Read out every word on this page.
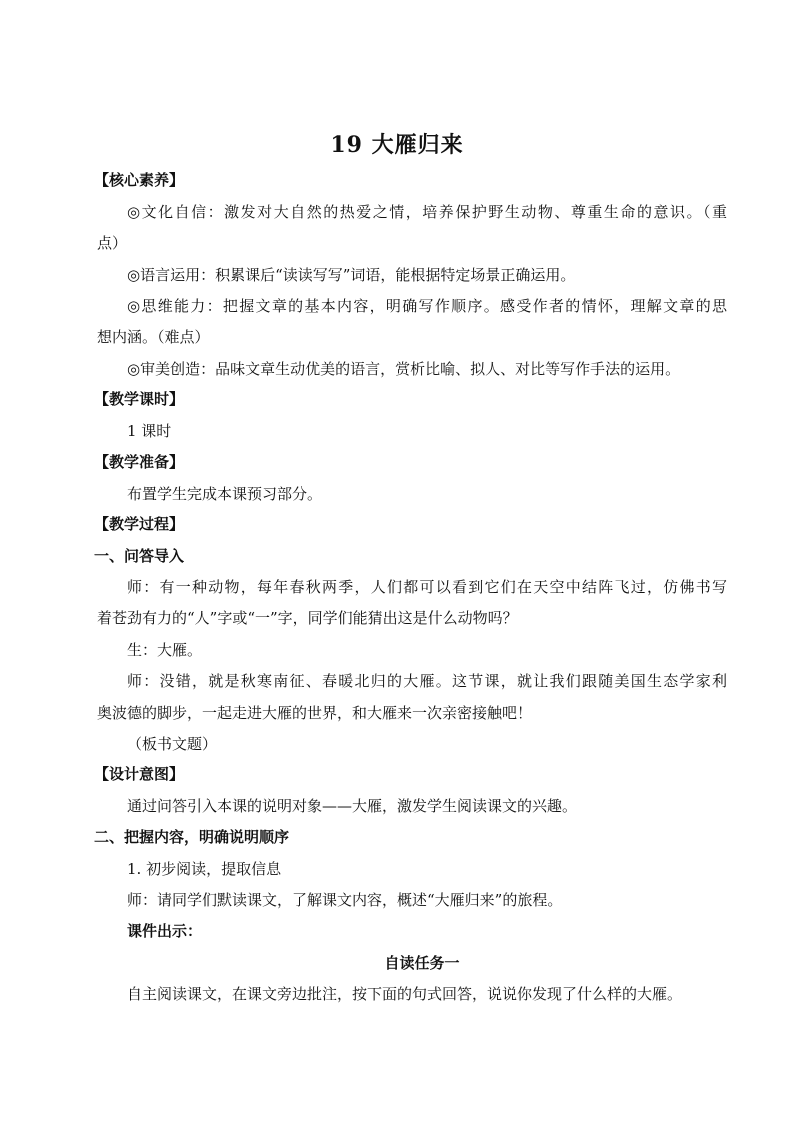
19 大雁归来
【核心素养】
◎文化自信：激发对大自然的热爱之情，培养保护野生动物、尊重生命的意识。（重
点）
◎语言运用：积累课后“读读写写”词语，能根据特定场景正确运用。
◎思维能力：把握文章的基本内容，明确写作顺序。感受作者的情怀，理解文章的思
想内涵。（难点）
◎审美创造：品味文章生动优美的语言，赏析比喻、拟人、对比等写作手法的运用。
【教学课时】
1 课时
【教学准备】
布置学生完成本课预习部分。
【教学过程】
一、问答导入
师：有一种动物，每年春秋两季，人们都可以看到它们在天空中结阵飞过，仿佛书写
着苍劲有力的“人”字或“一”字，同学们能猜出这是什么动物吗？
生：大雁。
师：没错，就是秋寒南征、春暖北归的大雁。这节课，就让我们跟随美国生态学家利
奥波德的脚步，一起走进大雁的世界，和大雁来一次亲密接触吧！
（板书文题）
【设计意图】
通过问答引入本课的说明对象——大雁，激发学生阅读课文的兴趣。
二、把握内容，明确说明顺序
1. 初步阅读，提取信息
师：请同学们默读课文，了解课文内容，概述“大雁归来”的旅程。
课件出示：
自读任务一
自主阅读课文，在课文旁边批注，按下面的句式回答，说说你发现了什么样的大雁。
